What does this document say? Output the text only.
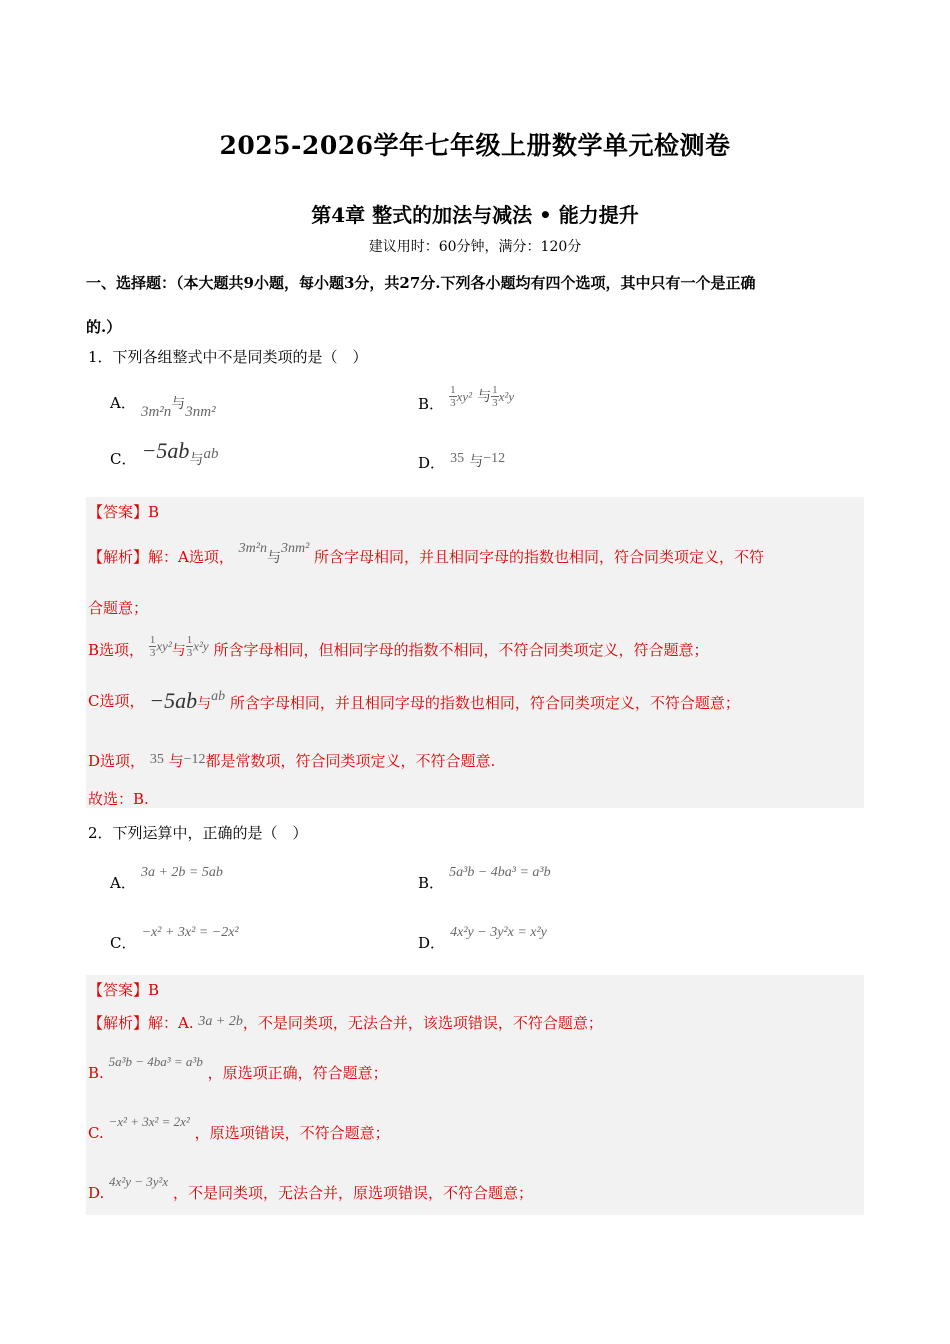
2025-2026学年七年级上册数学单元检测卷
第4章 整式的加法与减法 • 能力提升
建议用时：60分钟，满分：120分
一、选择题：（本大题共9小题，每小题3分，共27分.下列各小题均有四个选项，其中只有一个是正确
的.）
1．下列各组整式中不是同类项的是（　）
A． 3m²n与3nm²	B． $\frac{1}{3} xy^2$ 与 $\frac{1}{3} x^2y$
C． −5ab与ab	D． 35 与−12
【答案】B
【解析】解：A选项， 3m²n与3nm² 所含字母相同，并且相同字母的指数也相同，符合同类项定义，不符
合题意；
B选项， $\frac{1}{3} xy^2$与 $\frac{1}{3} x^2y$ 所含字母相同，但相同字母的指数不相同，不符合同类项定义，符合题意；
C选项， −5ab与ab 所含字母相同，并且相同字母的指数也相同，符合同类项定义，不符合题意；
D选项， 35 与−12都是常数项，符合同类项定义，不符合题意.
故选：B.
2．下列运算中，正确的是（　）
A． 3a + 2b = 5ab
B． 5a³b − 4ba³ = a³b
C． −x² + 3x² = −2x²
D． 4x²y − 3y²x = x²y
【答案】B
【解析】解：A. 3a + 2b，不是同类项，无法合并，该选项错误，不符合题意；
B. 5a³b − 4ba³ = a³b ，原选项正确，符合题意；
C. −x² + 3x² = 2x² ，原选项错误，不符合题意；
D. 4x²y − 3y²x ，不是同类项，无法合并，原选项错误，不符合题意；
